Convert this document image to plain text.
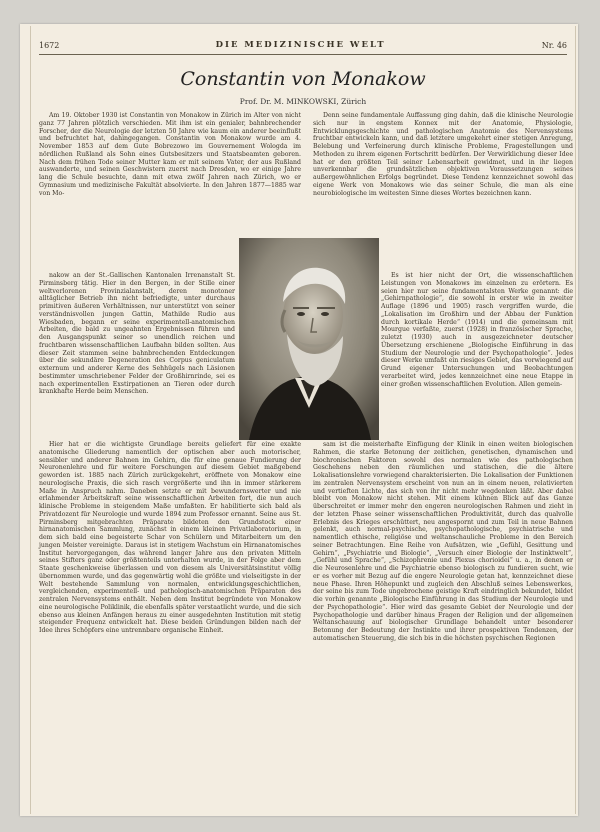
1672	DIE MEDIZINISCHE WELT	Nr. 46
Constantin von Monakow
Prof. Dr. M. MINKOWSKI, Zürich

Am 19. Oktober 1930 ist Constantin von Monakow in Zürich im Alter von nicht ganz 77 Jahren plötzlich verschieden. Mit ihm ist ein genialer, bahnbrechender Forscher, der die Neurologie der letzten 50 Jahre wie kaum ein anderer beeinflußt und befruchtet hat, dahingegangen. Constantin von Monakow wurde am 4. November 1853 auf dem Gute Bobrezowo im Gouvernement Wologda im nördlichen Rußland als Sohn eines Gutsbesitzers und Staatsbeamten geboren. Nach dem frühen Tode seiner Mutter kam er mit seinem Vater, der aus Rußland auswanderte, und seinen Geschwistern zuerst nach Dresden, wo er einige Jahre lang die Schule besuchte, dann mit etwa zwölf Jahren nach Zürich, wo er Gymnasium und medizinische Fakultät absolvierte. In den Jahren 1877—1885 war von Mo-

nakow an der St.-Gallischen Kantonalen Irrenanstalt St. Pirminsberg tätig. Hier in den Bergen, in der Stille einer weltverlorenen Provinzialanstalt, deren monotoner alltäglicher Betrieb ihn nicht befriedigte, unter durchaus primitiven äußeren Verhältnissen, nur unterstützt von seiner verständnisvollen jungen Gattin, Mathilde Rudio aus Wiesbaden, begann er seine experimentell-anatomischen Arbeiten, die bald zu ungeahnten Ergebnissen führen und den Ausgangspunkt seiner so unendlich reichen und fruchtbaren wissenschaftlichen Laufbahn bilden sollten. Aus dieser Zeit stammen seine bahnbrechenden Entdeckungen über die sekundäre Degeneration des Corpus geniculatum externum und anderer Kerne des Sehhügels nach Läsionen bestimmter umschriebener Felder der Großhirnrinde, sei es nach experimentellen Exstirpationen an Tieren oder durch krankhafte Herde beim Menschen.

Hier hat er die wichtigste Grundlage bereits geliefert für eine exakte anatomische Gliederung namentlich der optischen aber auch motorischer, sensibler und anderer Bahnen im Gehirn, die für eine genaue Fundierung der Neuronenlehre und für weitere Forschungen auf diesem Gebiet maßgebend geworden ist. 1885 nach Zürich zurückgekehrt, eröffnete von Monakow eine neurologische Praxis, die sich rasch vergrößerte und ihn in immer stärkerem Maße in Anspruch nahm. Daneben setzte er mit bewundernswerter und nie erlahmender Arbeitskraft seine wissenschaftlichen Arbeiten fort, die nun auch klinische Probleme in steigendem Maße umfaßten. Er habilitierte sich bald als Privatdozent für Neurologie und wurde 1894 zum Professor ernannt. Seine aus St. Pirminsberg mitgebrachten Präparate bildeten den Grundstock einer hirnanatomischen Sammlung, zunächst in einem kleinen Privatlaboratorium, in dem sich bald eine begeisterte Schar von Schülern und Mitarbeitern um den jungen Meister vereinigte. Daraus ist in stetigem Wachstum ein Hirnanatomisches Institut hervorgegangen, das während langer Jahre aus den privaten Mitteln seines Stifters ganz oder größtenteils unterhalten wurde, in der Folge aber dem Staate geschenkweise überlassen und von diesem als Universitätsinstitut völlig übernommen wurde, und das gegenwärtig wohl die größte und vielseitigste in der Welt bestehende Sammlung von normalen, entwicklungsgeschichtlichen, vergleichenden, experimentell- und pathologisch-anatomischen Präparaten des zentralen Nervensystems enthält. Neben dem Institut begründete von Monakow eine neurologische Poliklinik, die ebenfalls später verstaatlicht wurde, und die sich ebenso aus kleinen Anfängen heraus zu einer ausgedehnten Institution mit stetig steigender Frequenz entwickelt hat. Diese beiden Gründungen bilden nach der Idee ihres Schöpfers eine untrennbare organische Einheit.

Denn seine fundamentale Auffassung ging dahin, daß die klinische Neurologie sich nur in engstem Konnex mit der Anatomie, Physiologie, Entwicklungsgeschichte und pathologischen Anatomie des Nervensystems fruchtbar entwickeln kann, und daß letztere umgekehrt einer stetigen Anregung, Belebung und Verfeinerung durch klinische Probleme, Fragestellungen und Methoden zu ihrem eigenen Fortschritt bedürfen. Der Verwirklichung dieser Idee hat er den größten Teil seiner Lebensarbeit gewidmet, und in ihr liegen unverkennbar die grundsätzlichen objektiven Voraussetzungen seines außergewöhnlichen Erfolgs begründet. Diese Tendenz kennzeichnet sowohl das eigene Werk von Monakows wie das seiner Schule, die man als eine neurobiologische im weitesten Sinne dieses Wortes bezeichnen kann.

Es ist hier nicht der Ort, die wissenschaftlichen Leistungen von Monakows im einzelnen zu erörtern. Es seien hier nur seine fundamentalsten Werke genannt: die „Gehirnpathologie“, die sowohl in erster wie in zweiter Auflage (1896 und 1905) rasch vergriffen wurde, die „Lokalisation im Großhirn und der Abbau der Funktion durch kortikale Herde“ (1914) und die gemeinsam mit Mourgue verfaßte, zuerst (1928) in französischer Sprache, zuletzt (1930) auch in ausgezeichneter deutscher Übersetzung erschienene „Biologische Einführung in das Studium der Neurologie und der Psychopathologie“. Jedes dieser Werke umfaßt ein riesiges Gebiet, das vorwiegend auf Grund eigener Untersuchungen und Beobachtungen verarbeitet wird, jedes kennzeichnet eine neue Etappe in einer großen wissenschaftlichen Evolution. Allen gemein-

sam ist die meisterhafte Einfügung der Klinik in einen weiten biologischen Rahmen, die starke Betonung der zeitlichen, genetischen, dynamischen und biochronischen Faktoren sowohl des normalen wie des pathologischen Geschehens neben den räumlichen und statischen, die die ältere Lokalisationslehre vorwiegend charakterisierten. Die Lokalisation der Funktionen im zentralen Nervensystem erscheint von nun an in einem neuen, relativierten und vertieften Lichte, das sich von ihr nicht mehr wegdenken läßt. Aber dabei bleibt von Monakow nicht stehen. Mit einem kühnen Blick auf das Ganze überschreitet er immer mehr den engeren neurologischen Rahmen und zieht in der letzten Phase seiner wissenschaftlichen Produktivität, durch das qualvolle Erlebnis des Krieges erschüttert, neu angespornt und zum Teil in neue Bahnen gelenkt, auch normal-psychische, psychopathologische, psychiatrische und namentlich ethische, religiöse und weltanschauliche Probleme in den Bereich seiner Betrachtungen. Eine Reihe von Aufsätzen, wie „Gefühl, Gesittung und Gehirn“, „Psychiatrie und Biologie“, „Versuch einer Biologie der Instinktwelt“, „Gefühl und Sprache“, „Schizophrenie und Plexus chorioidei“ u. a., in denen er die Neurosenlehre und die Psychiatrie ebenso biologisch zu fundieren sucht, wie er es vorher mit Bezug auf die engere Neurologie getan hat, kennzeichnet diese neue Phase. Ihren Höhepunkt und zugleich den Abschluß seines Lebenswerkes, der seine bis zum Tode ungebrochene geistige Kraft eindringlich bekundet, bildet die vorhin genannte „Biologische Einführung in das Studium der Neurologie und der Psychopathologie“. Hier wird das gesamte Gebiet der Neurologie und der Psychopathologie und darüber hinaus Fragen der Religion und der allgemeinen Weltanschauung auf biologischer Grundlage behandelt unter besonderer Betonung der Bedeutung der Instinkte und ihrer prospektiven Tendenzen, der automatischen Steuerung, die sich bis in die höchsten psychischen Regionen
